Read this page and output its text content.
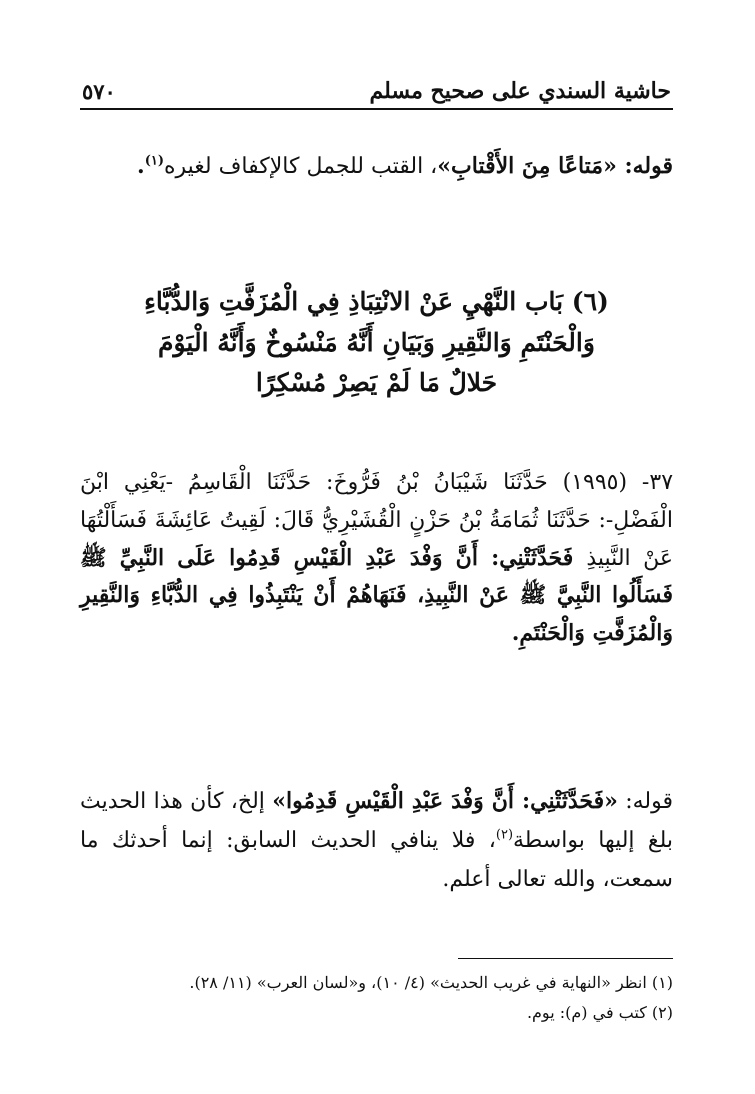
حاشية السندي على صحيح مسلم
٥٧٠

قوله: «مَتاعًا مِنَ الأَقْتابِ»، القتب للجمل كالإكفاف لغيره$^{(١)}$.

(٦) بَاب النَّهْيِ عَنْ الانْتِبَاذِ فِي الْمُزَفَّتِ وَالدُّبَّاءِ
وَالْحَنْتَمِ وَالنَّقِيرِ وَبَيَانِ أَنَّهُ مَنْسُوخٌ وَأَنَّهُ الْيَوْمَ
حَلالٌ مَا لَمْ يَصِرْ مُسْكِرًا

٣٧- (١٩٩٥) حَدَّثَنَا شَيْبَانُ بْنُ فَرُّوخَ: حَدَّثَنَا الْقَاسِمُ -يَعْنِي ابْنَ الْفَضْلِ-: حَدَّثَنَا ثُمَامَةُ بْنُ حَزْنٍ الْقُشَيْرِيُّ قَالَ: لَقِيتُ عَائِشَةَ فَسَأَلْتُهَا عَنْ النَّبِيذِ فَحَدَّثَتْنِي: أَنَّ وَفْدَ عَبْدِ الْقَيْسِ قَدِمُوا عَلَى النَّبِيِّ ﷺ فَسَأَلُوا النَّبِيَّ ﷺ عَنْ النَّبِيذِ، فَنَهَاهُمْ أَنْ يَنْتَبِذُوا فِي الدُّبَّاءِ وَالنَّقِيرِ وَالْمُزَفَّتِ وَالْحَنْتَمِ.

قوله: «فَحَدَّثَتْنِي: أَنَّ وَفْدَ عَبْدِ الْقَيْسِ قَدِمُوا» إلخ، كأن هذا الحديث بلغ إليها بواسطة$^{(٢)}$، فلا ينافي الحديث السابق: إنما أحدثك ما سمعت، والله تعالى أعلم.

(١) انظر «النهاية في غريب الحديث» (٤/ ١٠)، و«لسان العرب» (١١/ ٢٨).
(٢) كتب في (م): يوم.
